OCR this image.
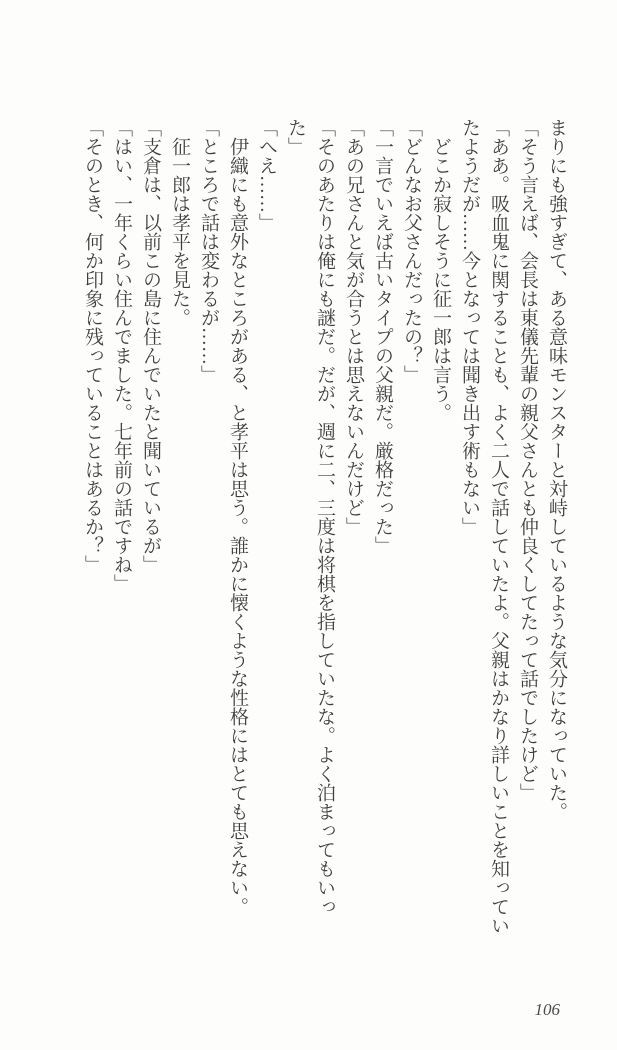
まりにも強すぎて、ある意味モンスターと対峙しているような気分になっていた。

「そう言えば、会長は東儀先輩の親父さんとも仲良くしてたって話でしたけど」

「ああ。吸血鬼に関することも、よく二人で話していたよ。父親はかなり詳しいことを知っていたようだが……今となっては聞き出す術もない」

どこか寂しそうに征一郎は言う。

「どんなお父さんだったの？」

「一言でいえば古いタイプの父親だ。厳格だった」

「あの兄さんと気が合うとは思えないんだけど」

「そのあたりは俺にも謎だ。だが、週に二、三度は将棋を指していたな。よく泊まってもいった」

「へえ……」

伊織にも意外なところがある、と孝平は思う。誰かに懐くような性格にはとても思えない。

「ところで話は変わるが……」

征一郎は孝平を見た。

「支倉は、以前この島に住んでいたと聞いているが」

「はい、一年くらい住んでました。七年前の話ですね」

「そのとき、何か印象に残っていることはあるか？」

106
